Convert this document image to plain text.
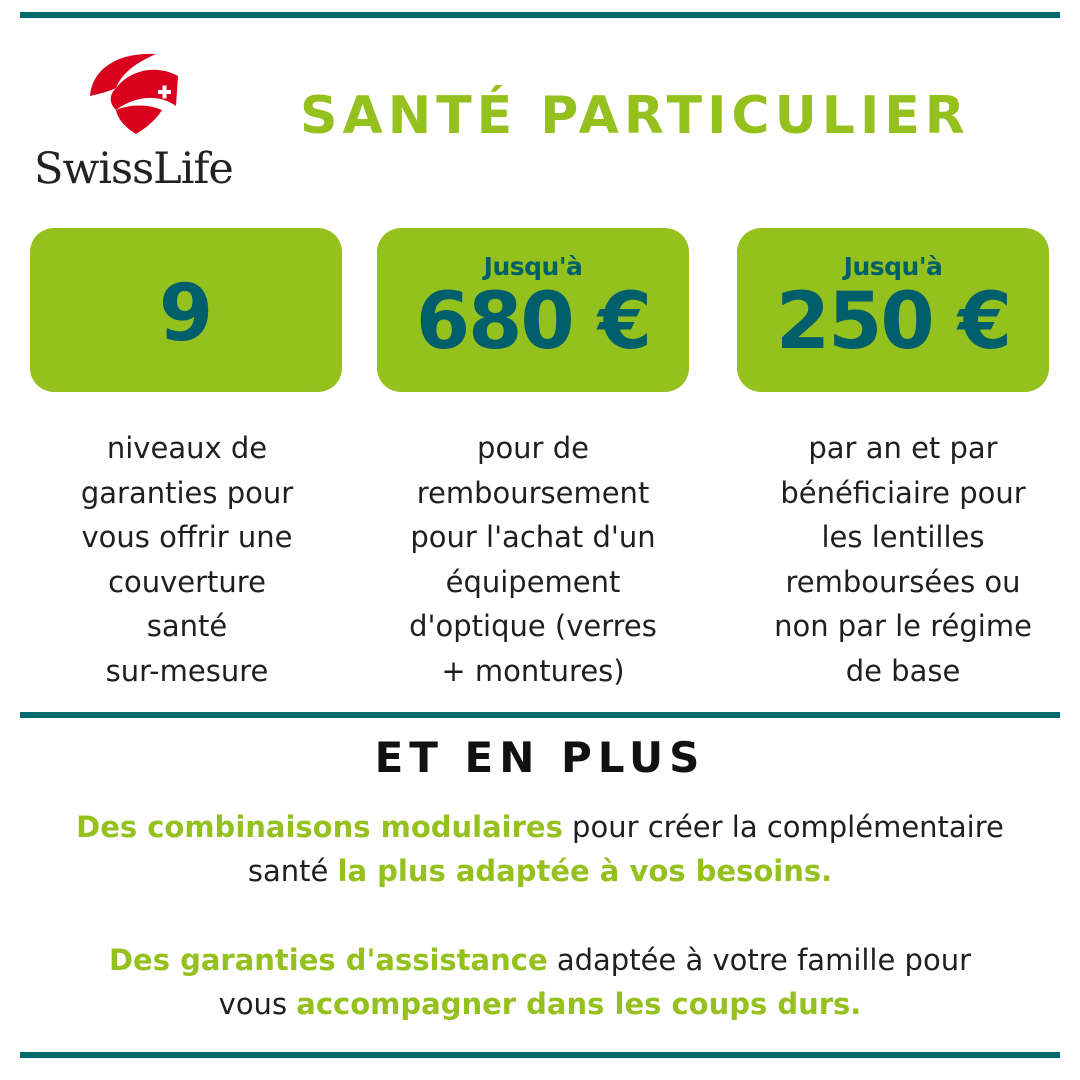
SwissLife
SANTÉ PARTICULIER
9
Jusqu'à
680 €
Jusqu'à
250 €
niveaux de
garanties pour
vous offrir une
couverture
santé
sur-mesure
pour de
remboursement
pour l'achat d'un
équipement
d'optique (verres
+ montures)
par an et par
bénéficiaire pour
les lentilles
remboursées ou
non par le régime
de base
ET EN PLUS
Des combinaisons modulaires pour créer la complémentaire
santé la plus adaptée à vos besoins.
Des garanties d'assistance adaptée à votre famille pour
vous accompagner dans les coups durs.
